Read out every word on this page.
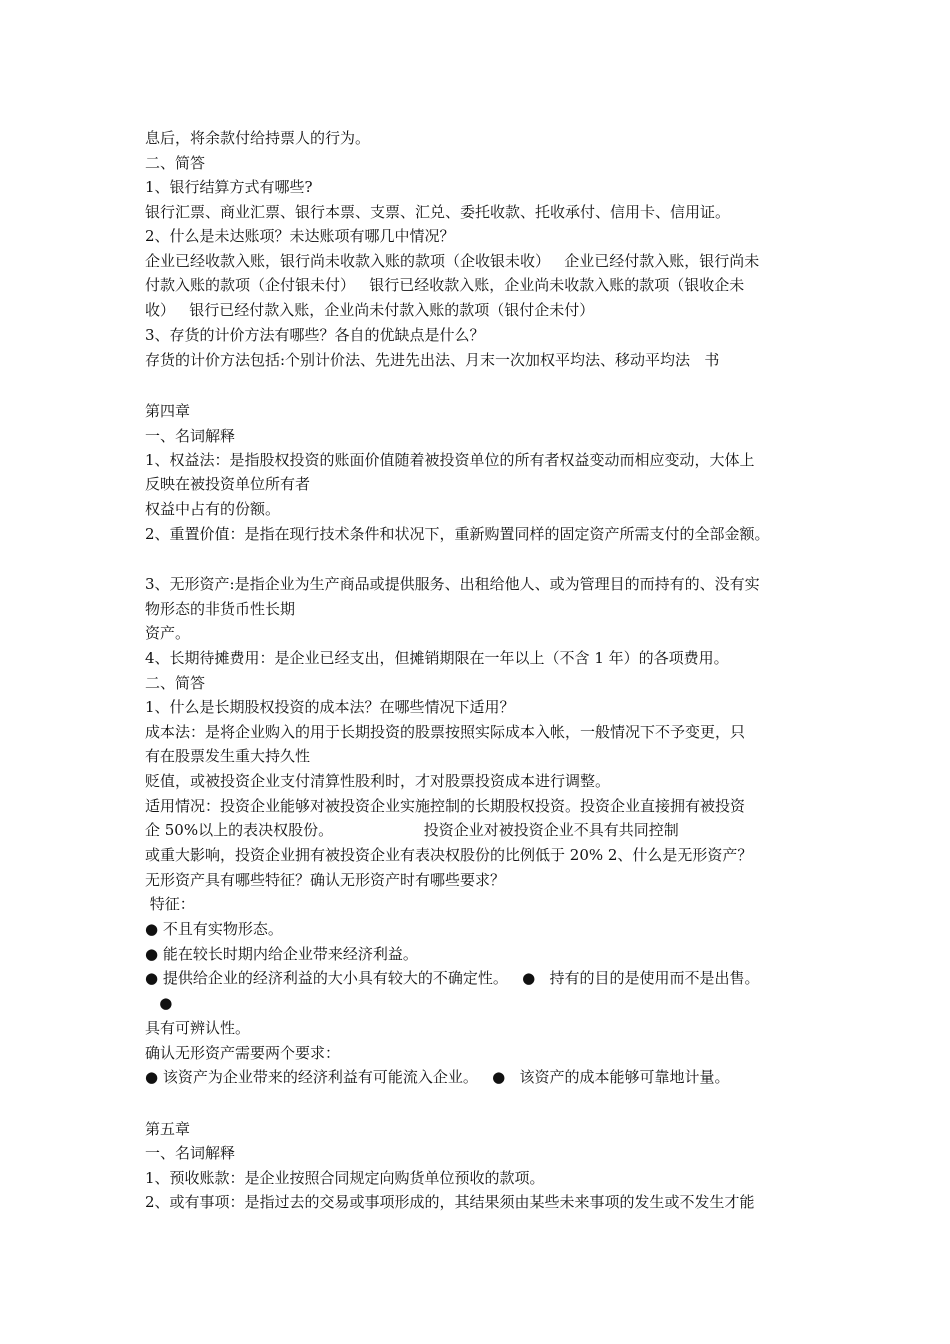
息后，将余款付给持票人的行为。
二、简答
1、银行结算方式有哪些?
银行汇票、商业汇票、银行本票、支票、汇兑、委托收款、托收承付、信用卡、信用证。
2、什么是未达账项？未达账项有哪几中情况？
企业已经收款入账，银行尚未收款入账的款项（企收银未收）   企业已经付款入账，银行尚未
付款入账的款项（企付银未付）   银行已经收款入账，企业尚未收款入账的款项（银收企未
收）   银行已经付款入账，企业尚未付款入账的款项（银付企未付）
3、存货的计价方法有哪些？各自的优缺点是什么？
存货的计价方法包括:个别计价法、先进先出法、月末一次加权平均法、移动平均法   书
第四章
一、名词解释
1、权益法：是指股权投资的账面价值随着被投资单位的所有者权益变动而相应变动，大体上
反映在被投资单位所有者
权益中占有的份额。
2、重置价值：是指在现行技术条件和状况下，重新购置同样的固定资产所需支付的全部金额。
3、无形资产:是指企业为生产商品或提供服务、出租给他人、或为管理目的而持有的、没有实
物形态的非货币性长期
资产。
4、长期待摊费用：是企业已经支出，但摊销期限在一年以上（不含 1 年）的各项费用。
二、简答
1、什么是长期股权投资的成本法？在哪些情况下适用？
成本法：是将企业购入的用于长期投资的股票按照实际成本入帐，一般情况下不予变更，只
有在股票发生重大持久性
贬值，或被投资企业支付清算性股利时，才对股票投资成本进行调整。
适用情况：投资企业能够对被投资企业实施控制的长期股权投资。投资企业直接拥有被投资
企 50%以上的表决权股份。                   投资企业对被投资企业不具有共同控制
或重大影响，投资企业拥有被投资企业有表决权股份的比例低于 20% 2、什么是无形资产？
无形资产具有哪些特征？确认无形资产时有哪些要求？
特征：
● 不且有实物形态。
● 能在较长时期内给企业带来经济利益。
● 提供给企业的经济利益的大小具有较大的不确定性。   ●   持有的目的是使用而不是出售。
●
具有可辨认性。
确认无形资产需要两个要求：
● 该资产为企业带来的经济利益有可能流入企业。   ●   该资产的成本能够可靠地计量。
第五章
一、名词解释
1、预收账款：是企业按照合同规定向购货单位预收的款项。
2、或有事项：是指过去的交易或事项形成的，其结果须由某些未来事项的发生或不发生才能
